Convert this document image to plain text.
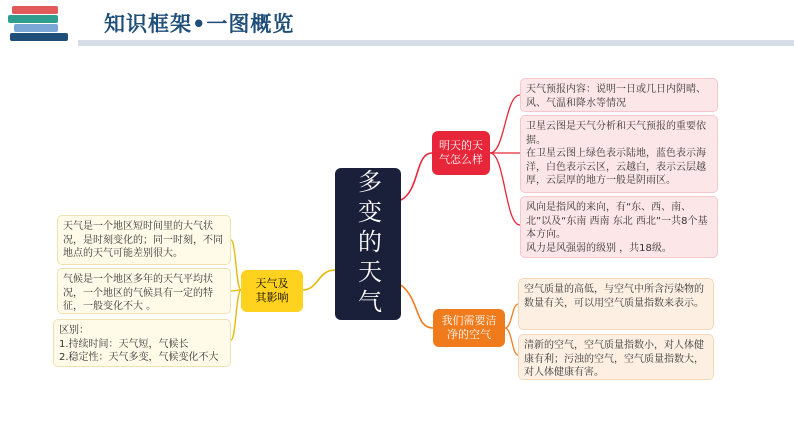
知识框架•一图概览
多变的天气
天气及其影响
明天的天气怎么样
我们需要洁净的空气
天气是一个地区短时间里的大气状况，是时刻变化的；同一时刻，不同地点的天气可能差别很大。
气候是一个地区多年的天气平均状况，一个地区的气候具有一定的特征，一般变化不大 。
区别：
1.持续时间：天气短，气候长
2.稳定性：天气多变，气候变化不大
天气预报内容：说明一日或几日内阴晴、风、气温和降水等情况
卫星云图是天气分析和天气预报的重要依据。
在卫星云图上绿色表示陆地，蓝色表示海洋，白色表示云区，云越白，表示云层越厚，云层厚的地方一般是阴雨区。
风向是指风的来向，有“东、西、南、北”以及“东南 西南 东北 西北”一共8个基本方向。
风力是风强弱的级别 ，共18级。
空气质量的高低，与空气中所含污染物的数量有关，可以用空气质量指数来表示。
清新的空气，空气质量指数小，对人体健康有利；污浊的空气，空气质量指数大，对人体健康有害。
